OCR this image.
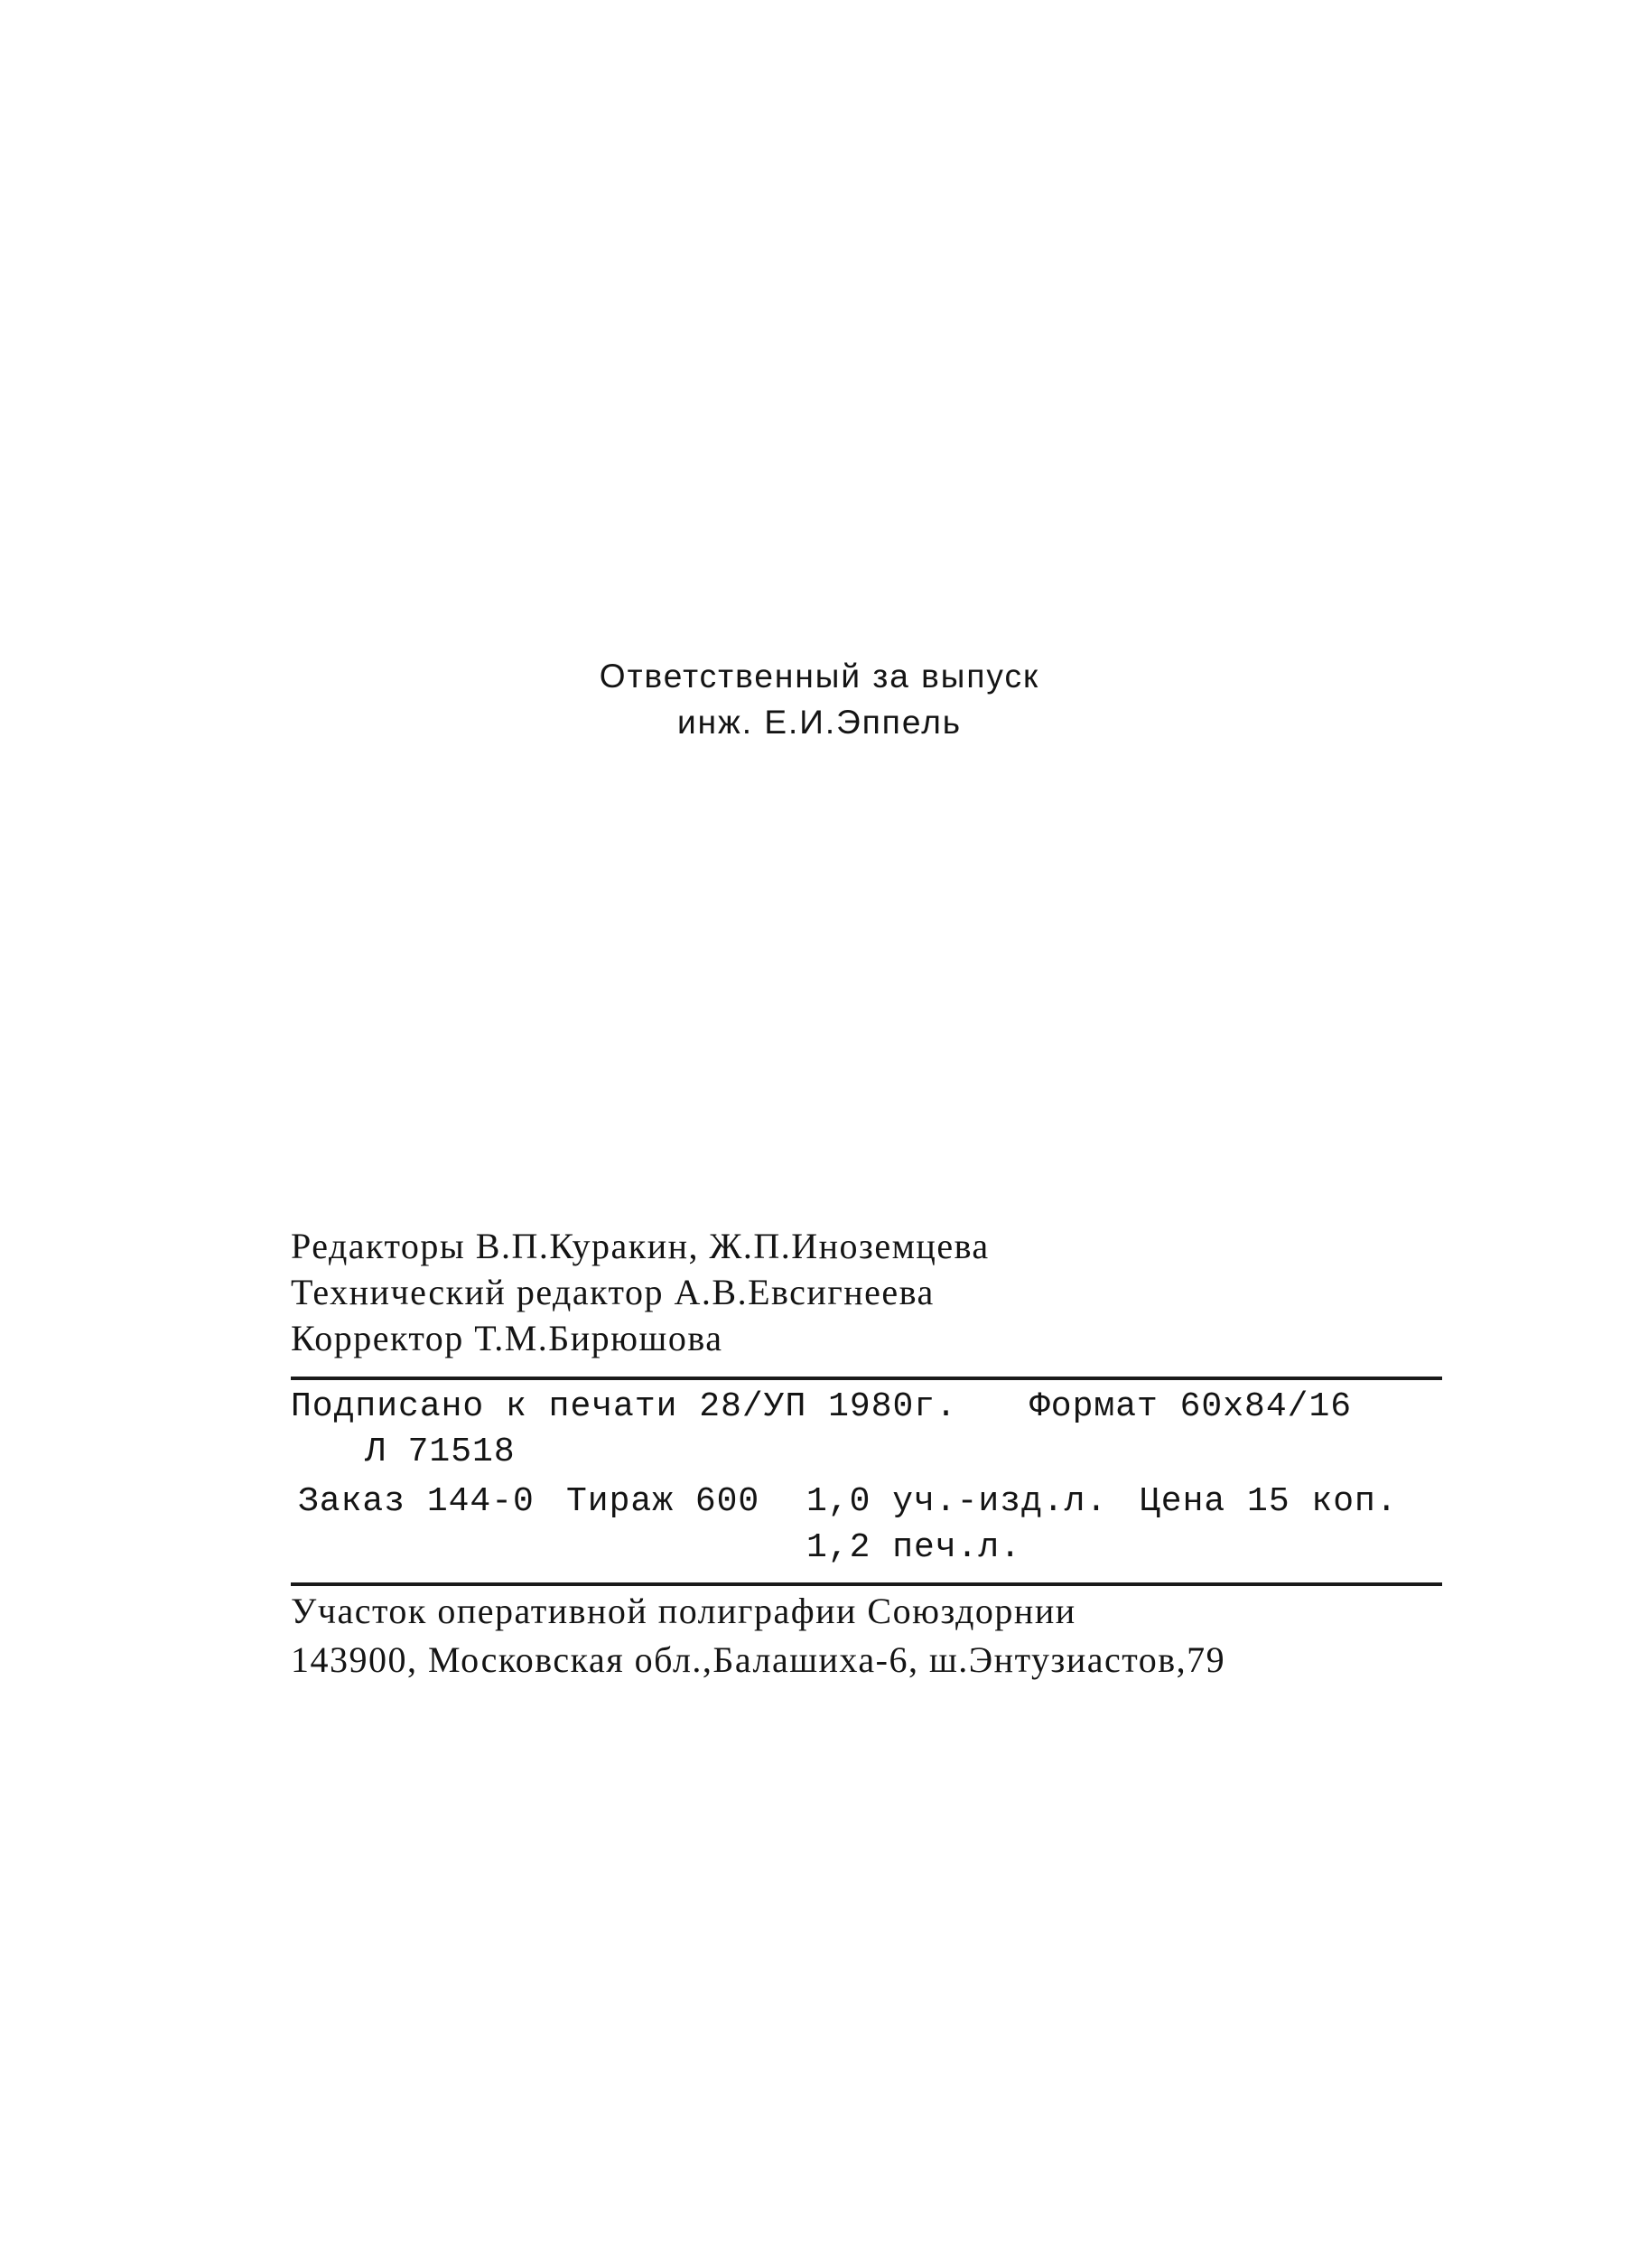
Ответственный за выпуск
инж. Е.И.Эппель
Редакторы В.П.Куракин, Ж.П.Иноземцева
Технический редактор А.В.Евсигнеева
Корректор Т.М.Бирюшова
Подписано к печати 28/УП 1980г. Формат 60х84/16
Л 71518
Заказ 144-0 Тираж 600 1,0 уч.-изд.л. Цена 15 коп.
1,2 печ.л.
Участок оперативной полиграфии Союздорнии
143900, Московская обл.,Балашиха-6, ш.Энтузиастов,79
